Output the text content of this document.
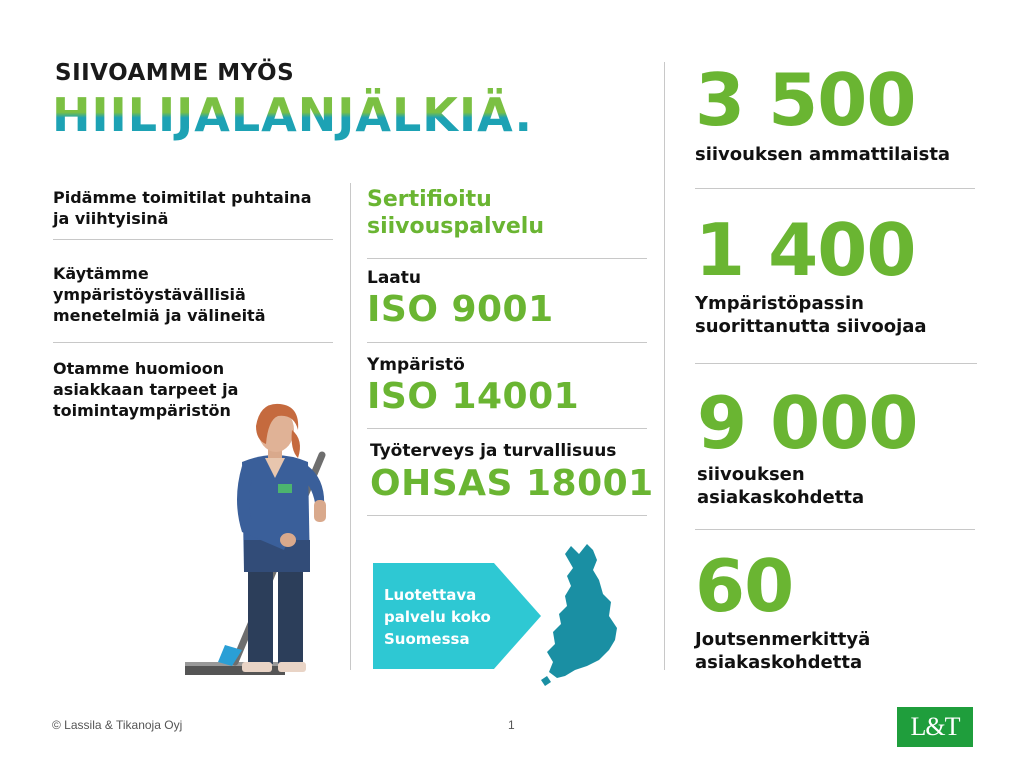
SIIVOAMME MYÖS
HIILIJALANJÄLKIÄ.
Pidämme toimitilat puhtaina ja viihtyisinä
Käytämme ympäristöystävällisiä menetelmiä ja välineitä
Otamme huomioon asiakkaan tarpeet ja toimintaympäristön
Sertifioitu siivouspalvelu
Laatu
ISO 9001
Ympäristö
ISO 14001
Työterveys ja turvallisuus
OHSAS 18001
Luotettava palvelu koko Suomessa
3 500
siivouksen ammattilaista
1 400
Ympäristöpassin suorittanutta siivoojaa
9 000
siivouksen asiakaskohdetta
60
Joutsenmerkittyä asiakaskohdetta
© Lassila & Tikanoja Oyj	1	L&T
